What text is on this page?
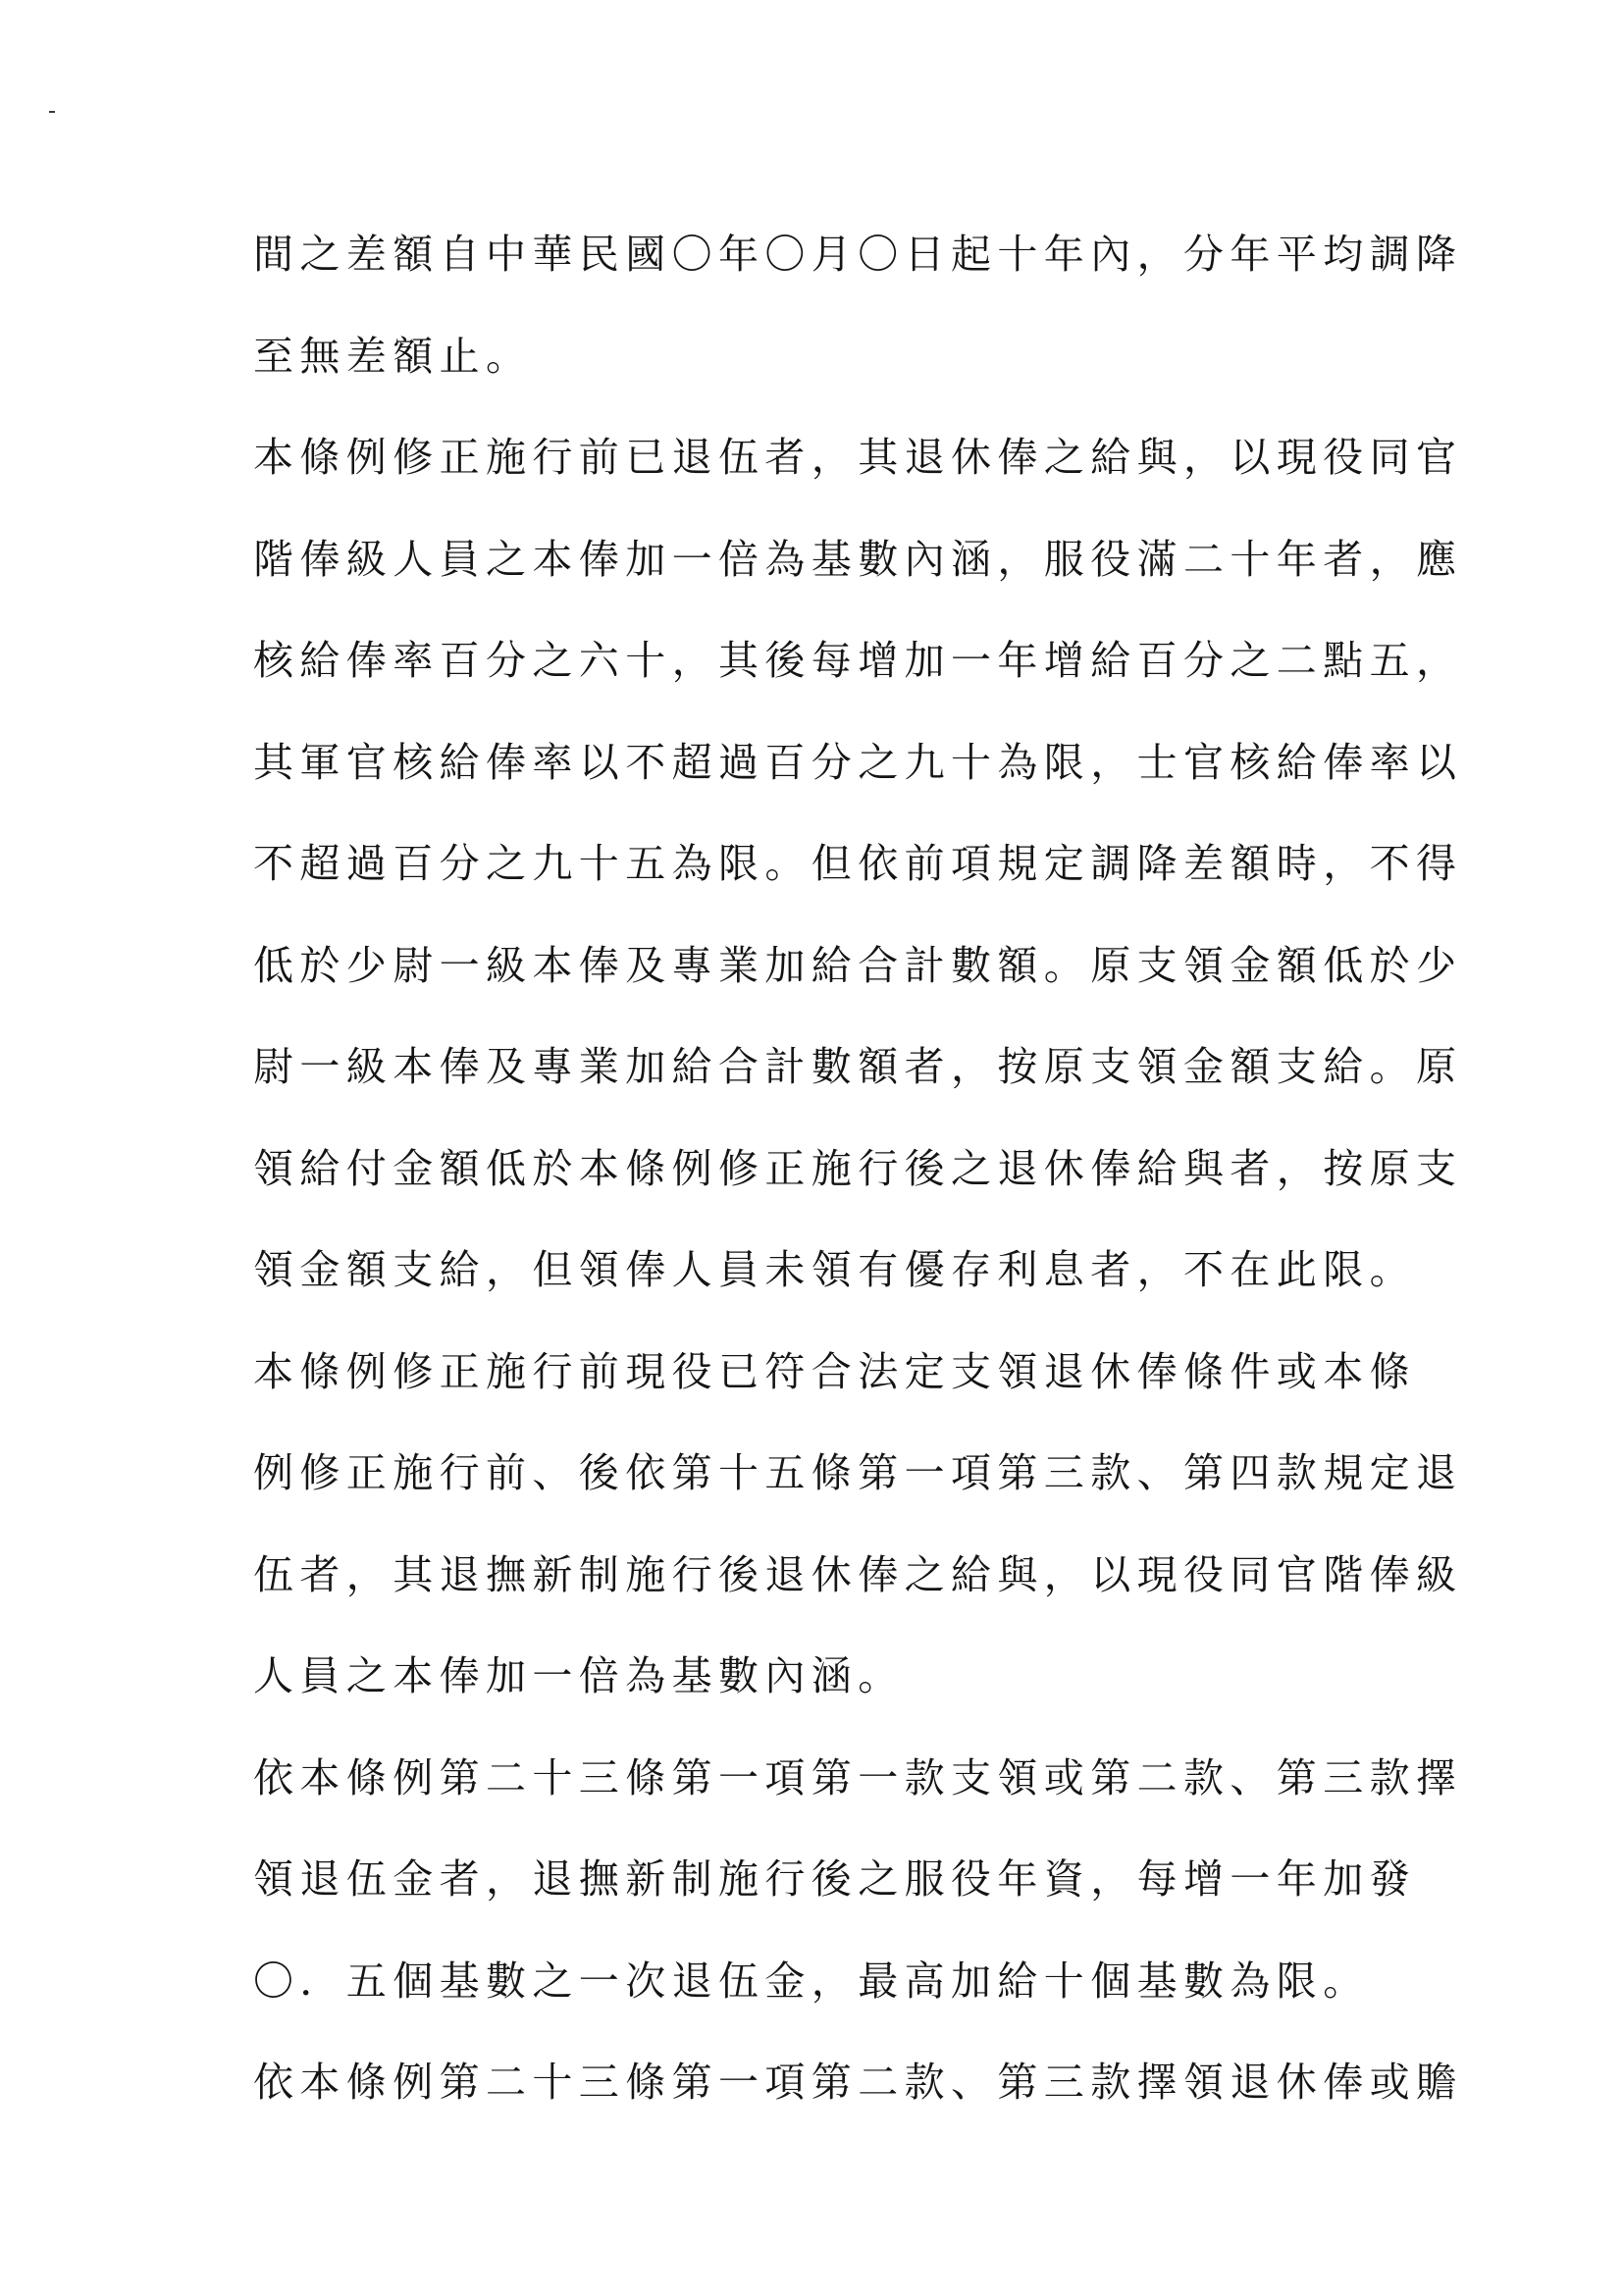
間之差額自中華民國〇年〇月〇日起十年內，分年平均調降
至無差額止。
本條例修正施行前已退伍者，其退休俸之給與，以現役同官
階俸級人員之本俸加一倍為基數內涵，服役滿二十年者，應
核給俸率百分之六十，其後每增加一年增給百分之二點五，
其軍官核給俸率以不超過百分之九十為限，士官核給俸率以
不超過百分之九十五為限。但依前項規定調降差額時，不得
低於少尉一級本俸及專業加給合計數額。原支領金額低於少
尉一級本俸及專業加給合計數額者，按原支領金額支給。原
領給付金額低於本條例修正施行後之退休俸給與者，按原支
領金額支給，但領俸人員未領有優存利息者，不在此限。
本條例修正施行前現役已符合法定支領退休俸條件或本條
例修正施行前、後依第十五條第一項第三款、第四款規定退
伍者，其退撫新制施行後退休俸之給與，以現役同官階俸級
人員之本俸加一倍為基數內涵。
依本條例第二十三條第一項第一款支領或第二款、第三款擇
領退伍金者，退撫新制施行後之服役年資，每增一年加發
〇．五個基數之一次退伍金，最高加給十個基數為限。
依本條例第二十三條第一項第二款、第三款擇領退休俸或贍
